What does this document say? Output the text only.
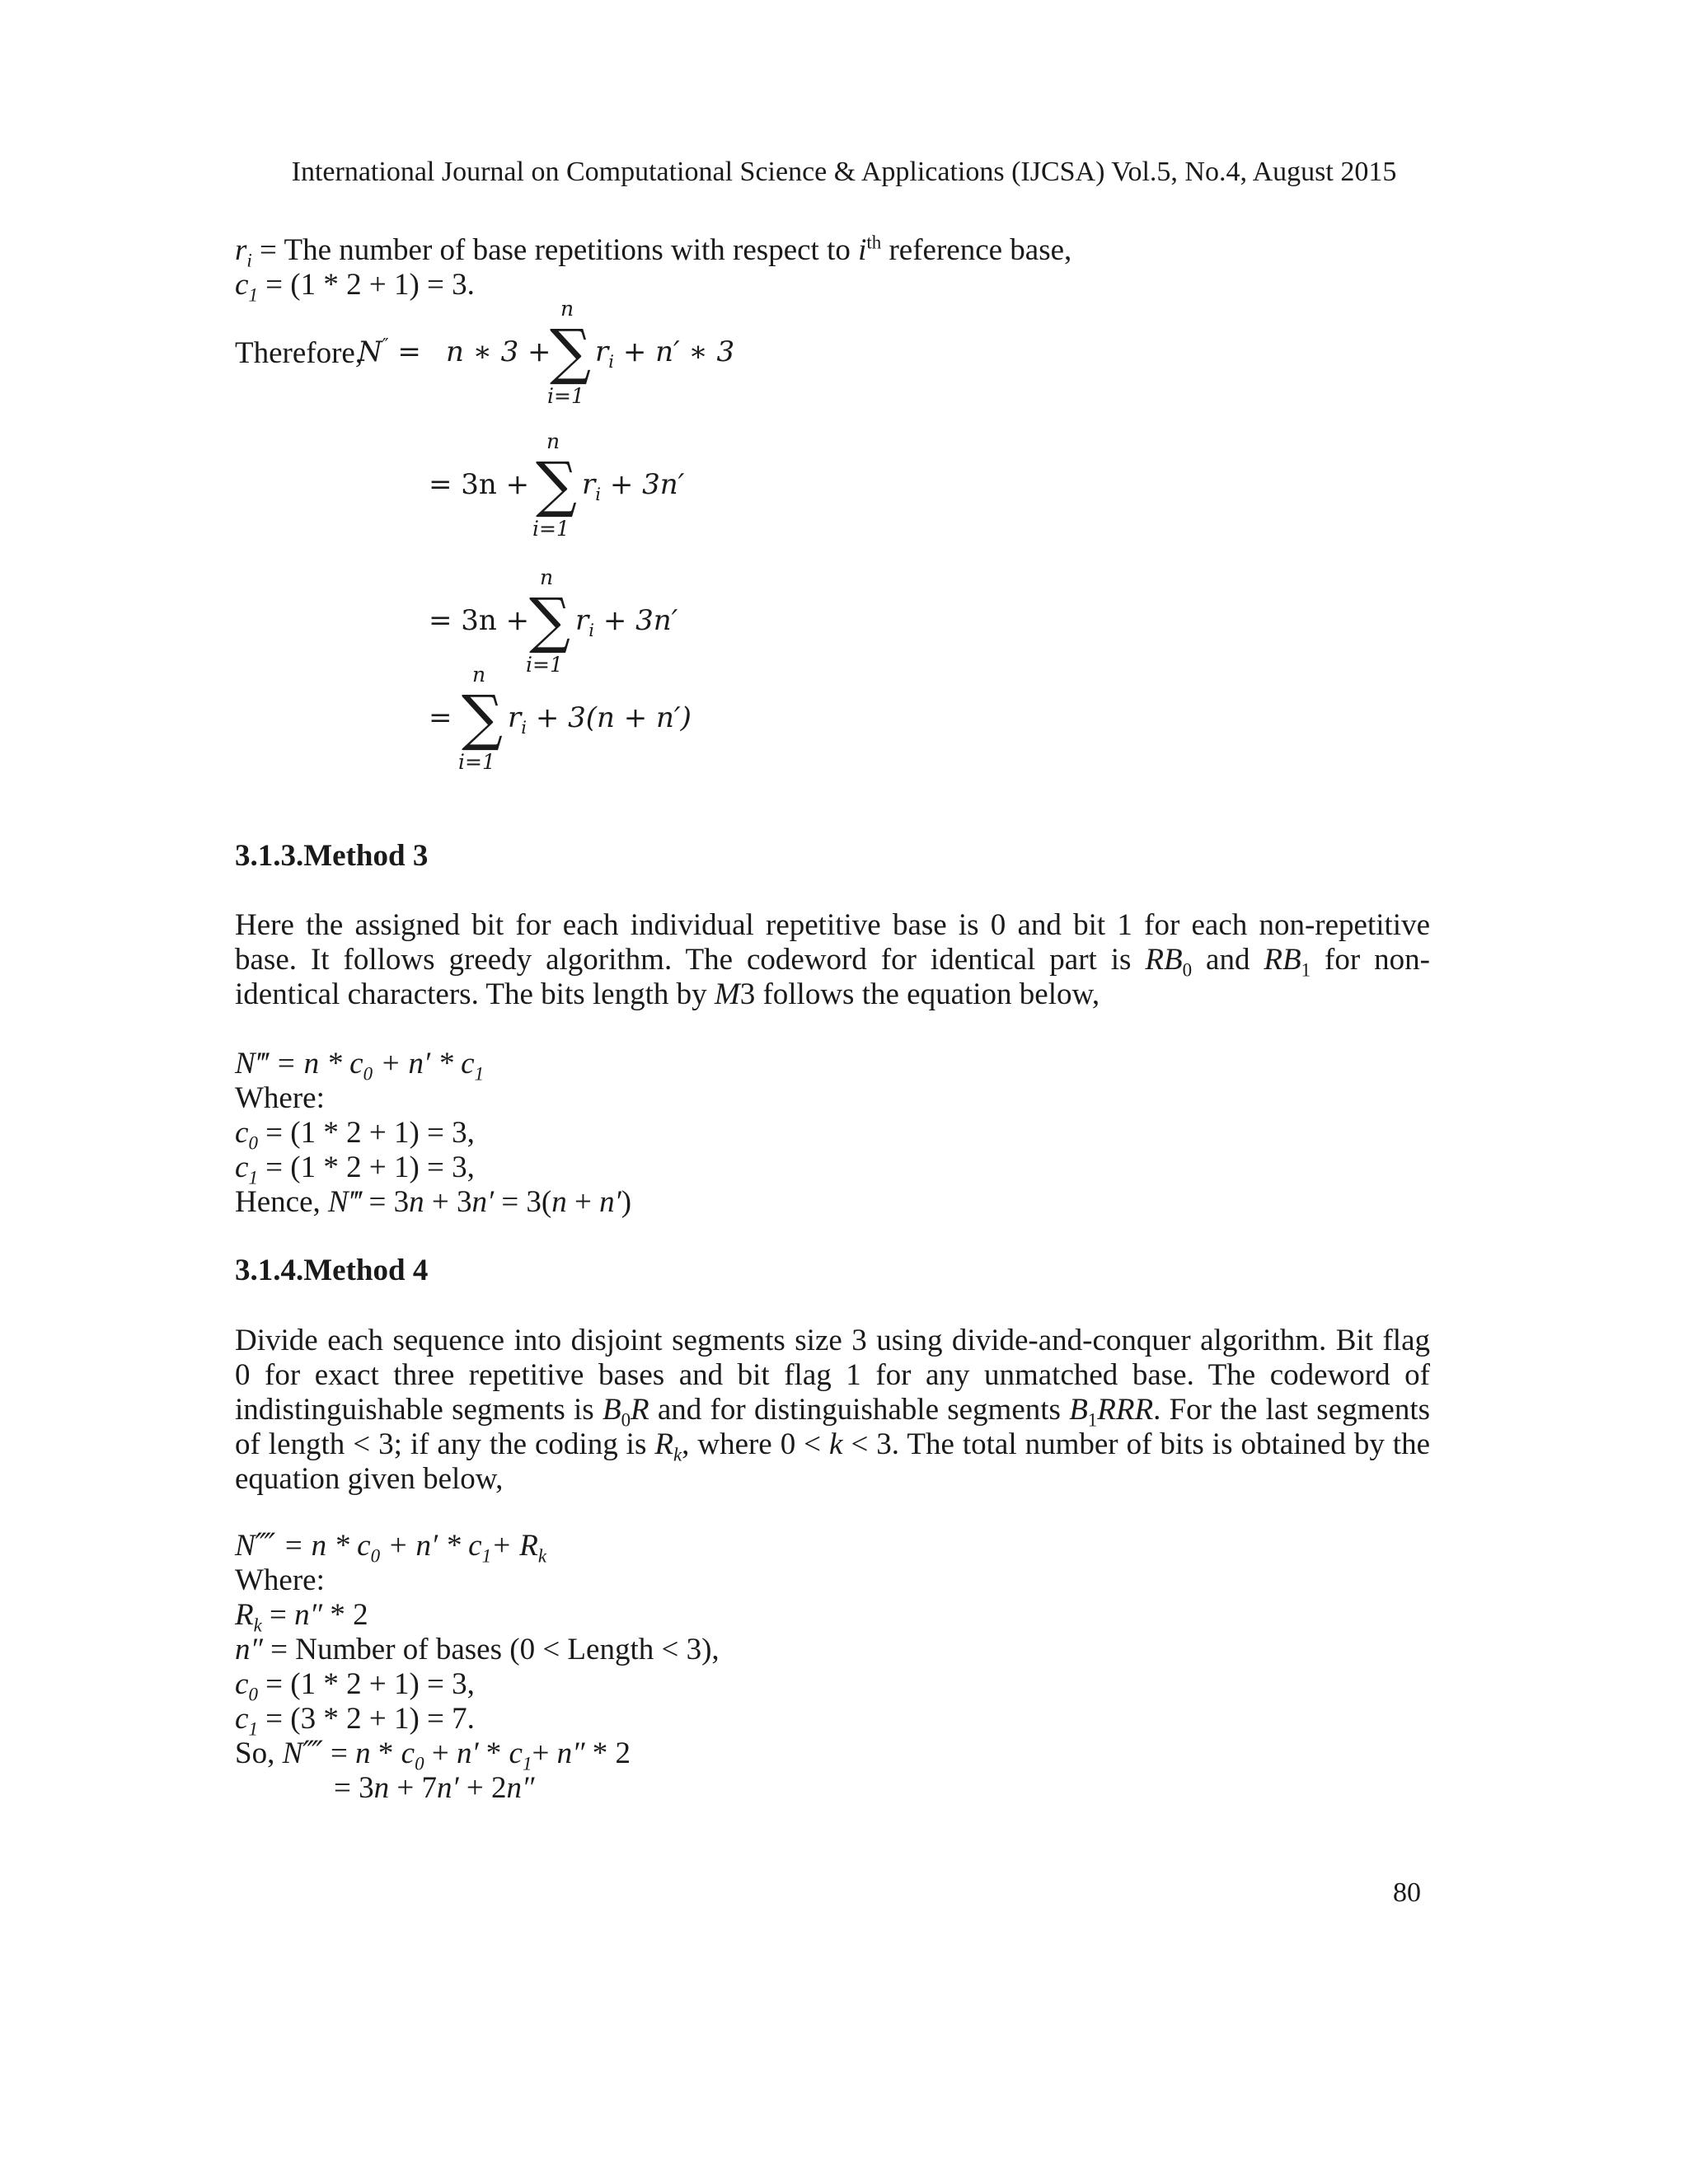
International Journal on Computational Science & Applications (IJCSA) Vol.5, No.4, August 2015
$r_i$ = The number of base repetitions with respect to $i^{th}$ reference base,
$c_1 = (1 * 2 + 1) = 3$.
Therefore,
N″ = n ∗ 3 +
n
∑
i=1
$r_i + n'$ ∗ 3
= 3n +
n
∑
i=1
$r_i + 3n'$
= 3n +
n
∑
i=1
$r_i + 3n'$
=
n
∑
i=1
$r_i + 3(n + n')$
3.1.3.Method 3
Here the assigned bit for each individual repetitive base is 0 and bit 1 for each non-repetitive base. It follows greedy algorithm. The codeword for identical part is $RB_0$ and $RB_1$ for non-identical characters. The bits length by M3 follows the equation below,
N‴ = $n * c_0 + n' * c_1$
Where:
$c_0 = (1 * 2 + 1) = 3$,
$c_1 = (1 * 2 + 1) = 3$,
Hence, N‴ = 3n + 3n′ = 3(n + n′)
3.1.4.Method 4
Divide each sequence into disjoint segments size 3 using divide-and-conquer algorithm. Bit flag 0 for exact three repetitive bases and bit flag 1 for any unmatched base. The codeword of indistinguishable segments is $B_0R$ and for distinguishable segments $B_1RRR$. For the last segments of length < 3; if any the coding is $R_k$, where 0 < k < 3. The total number of bits is obtained by the equation given below,
N⁗ = $n * c_0 + n' * c_1+ R_k$
Where:
$R_k = n'' * 2$
n″ = Number of bases (0 < Length < 3),
$c_0 = (1 * 2 + 1) = 3$,
$c_1 = (3 * 2 + 1) = 7$.
So, N⁗ = $n * c_0 + n' * c_1+ n'' * 2$
= 3n + 7n′ + 2n″
80
